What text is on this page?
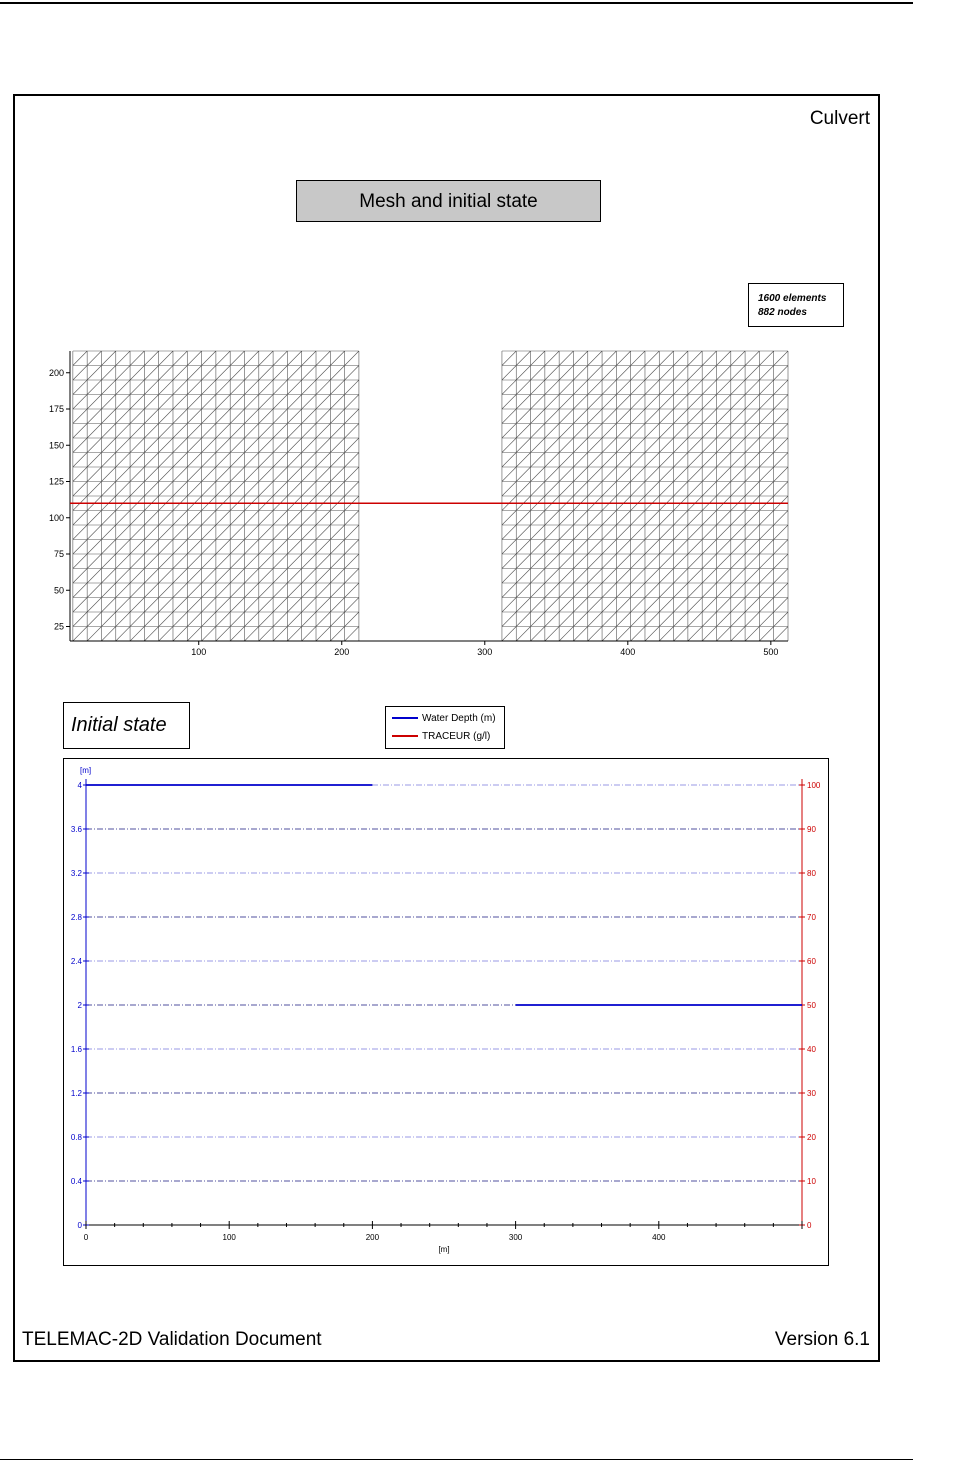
Culvert
Mesh and initial state
1600 elements
882 nodes
100	200	300	400	500
25
50
75
100
125
150
175
200
Initial state	Water Depth (m)
TRACEUR (g/l)
0
0.4
0.8
1.2
1.6
2
2.4
2.8
3.2
3.6
4
0
10
20
30
40
50
60
70
80
90
100
0	100	200	300	400
[m]
[m]
TELEMAC-2D Validation Document	Version 6.1
